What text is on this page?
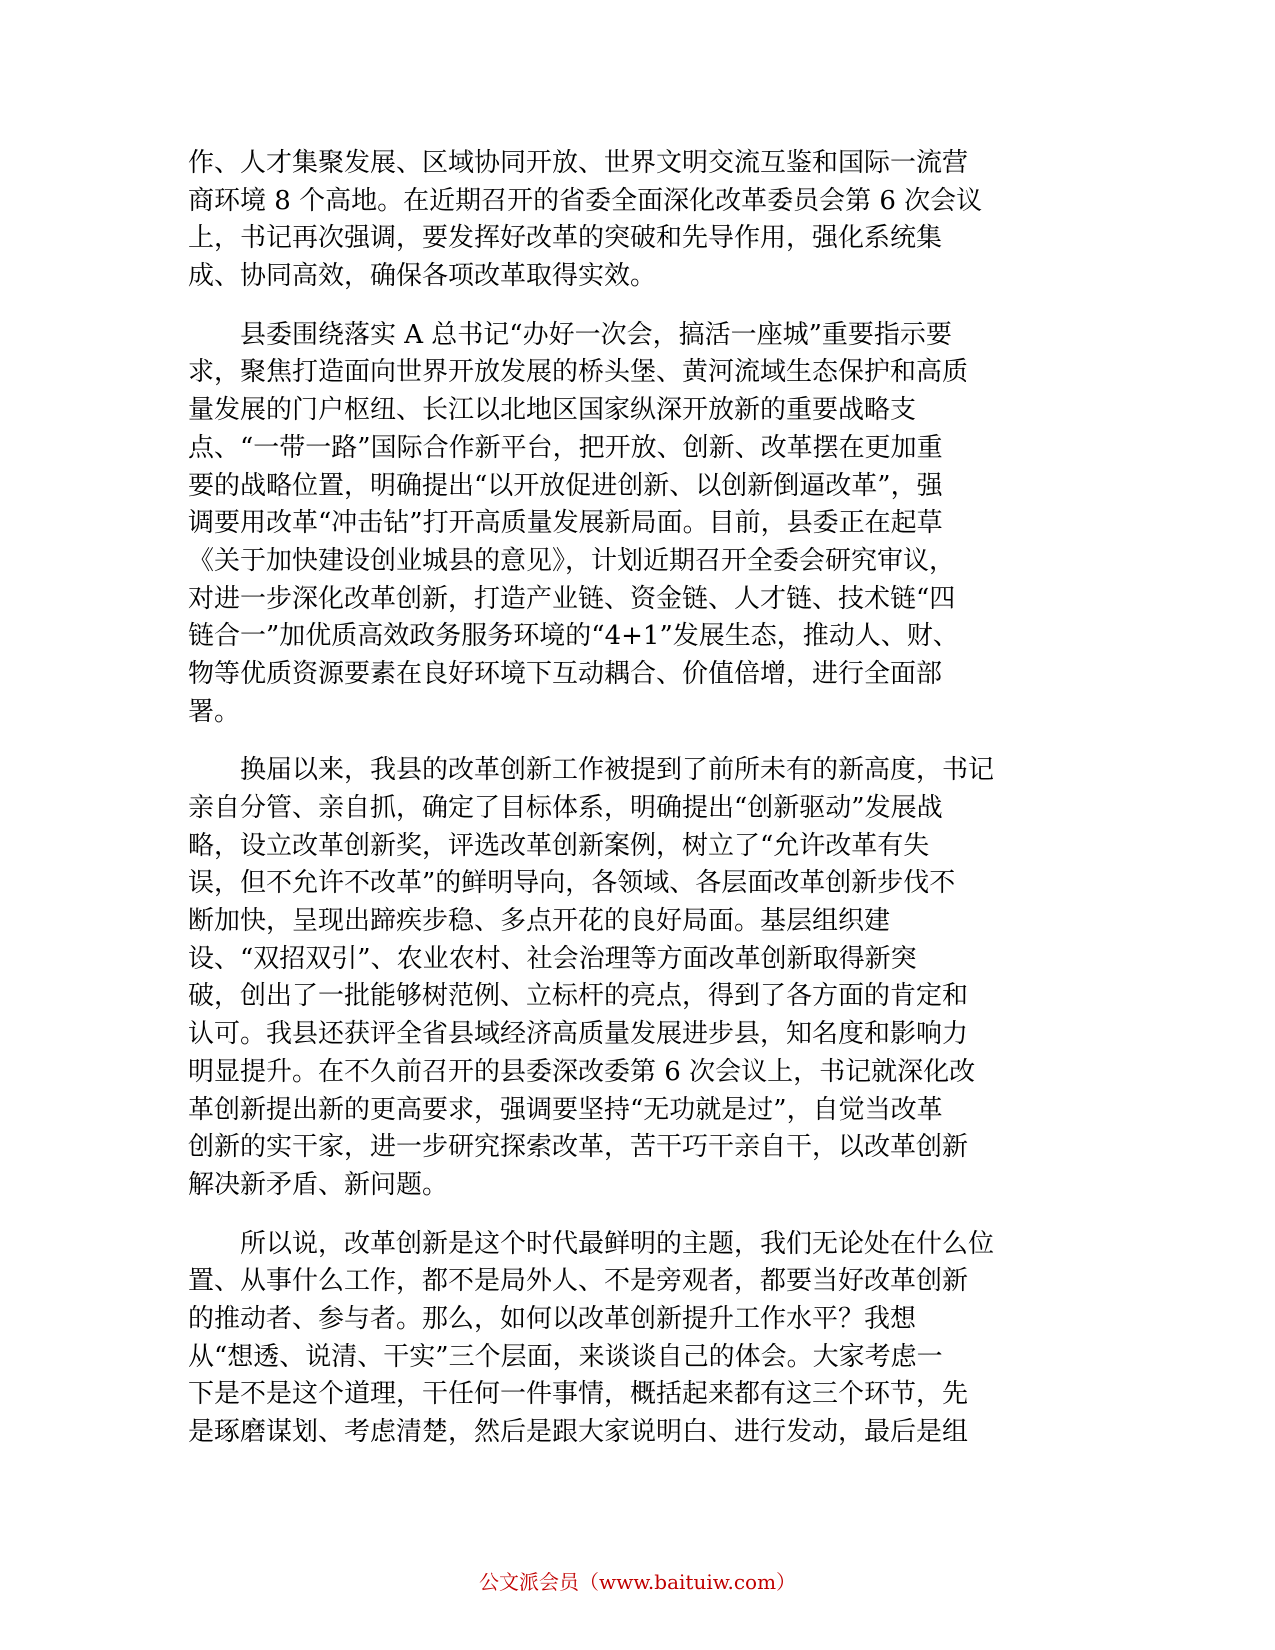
作、人才集聚发展、区域协同开放、世界文明交流互鉴和国际一流营
商环境 8 个高地。在近期召开的省委全面深化改革委员会第 6 次会议
上，书记再次强调，要发挥好改革的突破和先导作用，强化系统集
成、协同高效，确保各项改革取得实效。
　　县委围绕落实 A 总书记“办好一次会，搞活一座城”重要指示要
求，聚焦打造面向世界开放发展的桥头堡、黄河流域生态保护和高质
量发展的门户枢纽、长江以北地区国家纵深开放新的重要战略支
点、“一带一路”国际合作新平台，把开放、创新、改革摆在更加重
要的战略位置，明确提出“以开放促进创新、以创新倒逼改革”，强
调要用改革“冲击钻”打开高质量发展新局面。目前，县委正在起草
《关于加快建设创业城县的意见》，计划近期召开全委会研究审议，
对进一步深化改革创新，打造产业链、资金链、人才链、技术链“四
链合一”加优质高效政务服务环境的“4+1”发展生态，推动人、财、
物等优质资源要素在良好环境下互动耦合、价值倍增，进行全面部
署。
　　换届以来，我县的改革创新工作被提到了前所未有的新高度，书记
亲自分管、亲自抓，确定了目标体系，明确提出“创新驱动”发展战
略，设立改革创新奖，评选改革创新案例，树立了“允许改革有失
误，但不允许不改革”的鲜明导向，各领域、各层面改革创新步伐不
断加快，呈现出蹄疾步稳、多点开花的良好局面。基层组织建
设、“双招双引”、农业农村、社会治理等方面改革创新取得新突
破，创出了一批能够树范例、立标杆的亮点，得到了各方面的肯定和
认可。我县还获评全省县域经济高质量发展进步县，知名度和影响力
明显提升。在不久前召开的县委深改委第 6 次会议上，书记就深化改
革创新提出新的更高要求，强调要坚持“无功就是过”，自觉当改革
创新的实干家，进一步研究探索改革，苦干巧干亲自干，以改革创新
解决新矛盾、新问题。
　　所以说，改革创新是这个时代最鲜明的主题，我们无论处在什么位
置、从事什么工作，都不是局外人、不是旁观者，都要当好改革创新
的推动者、参与者。那么，如何以改革创新提升工作水平？我想
从“想透、说清、干实”三个层面，来谈谈自己的体会。大家考虑一
下是不是这个道理，干任何一件事情，概括起来都有这三个环节，先
是琢磨谋划、考虑清楚，然后是跟大家说明白、进行发动，最后是组
公文派会员（www.baituiw.com）
